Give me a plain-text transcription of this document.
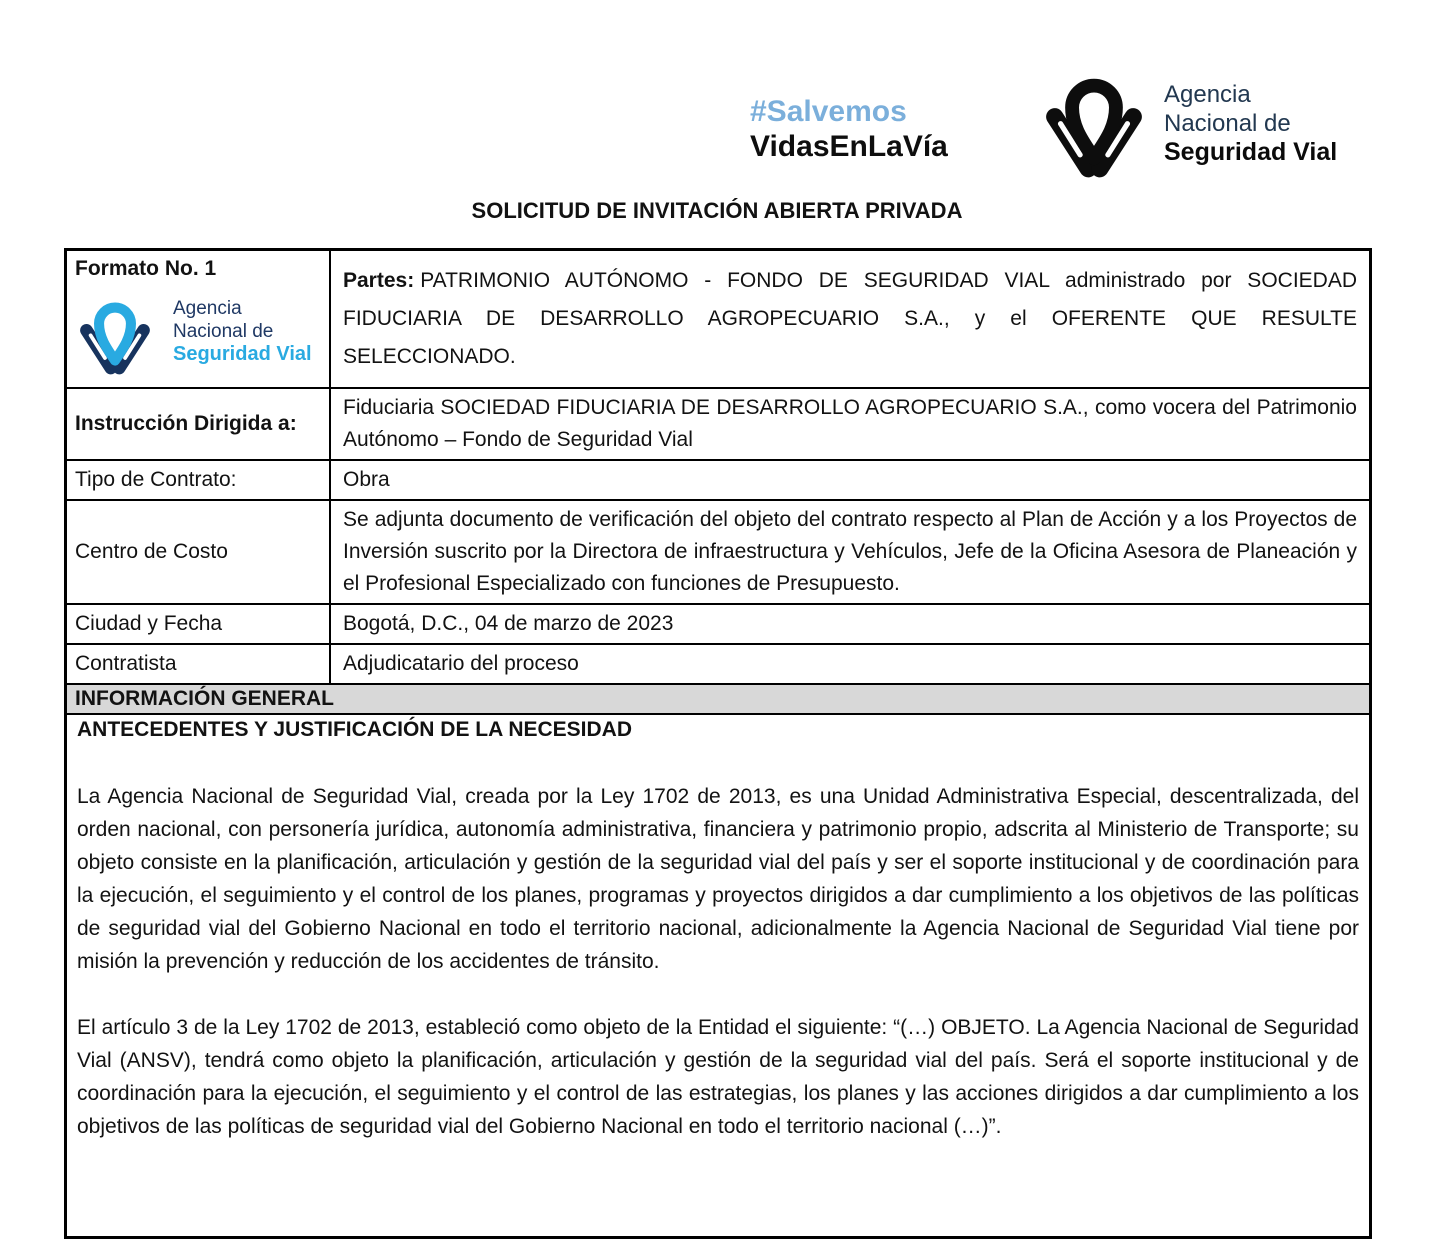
#Salvemos
VidasEnLaVía
Agencia
Nacional de
Seguridad Vial
SOLICITUD DE INVITACIÓN ABIERTA PRIVADA
Formato No. 1
Agencia
Nacional de
Seguridad Vial
Partes: PATRIMONIO AUTÓNOMO - FONDO DE SEGURIDAD VIAL administrado por SOCIEDAD FIDUCIARIA DE DESARROLLO AGROPECUARIO S.A., y el OFERENTE QUE RESULTE SELECCIONADO.
Instrucción Dirigida a:
Fiduciaria SOCIEDAD FIDUCIARIA DE DESARROLLO AGROPECUARIO S.A., como vocera del Patrimonio Autónomo – Fondo de Seguridad Vial
Tipo de Contrato:	Obra
Centro de Costo
Se adjunta documento de verificación del objeto del contrato respecto al Plan de Acción y a los Proyectos de Inversión suscrito por la Directora de infraestructura y Vehículos, Jefe de la Oficina Asesora de Planeación y el Profesional Especializado con funciones de Presupuesto.
Ciudad y Fecha	Bogotá, D.C., 04 de marzo de 2023
Contratista	Adjudicatario del proceso
INFORMACIÓN GENERAL
ANTECEDENTES Y JUSTIFICACIÓN DE LA NECESIDAD

La Agencia Nacional de Seguridad Vial, creada por la Ley 1702 de 2013, es una Unidad Administrativa Especial, descentralizada, del orden nacional, con personería jurídica, autonomía administrativa, financiera y patrimonio propio, adscrita al Ministerio de Transporte; su objeto consiste en la planificación, articulación y gestión de la seguridad vial del país y ser el soporte institucional y de coordinación para la ejecución, el seguimiento y el control de los planes, programas y proyectos dirigidos a dar cumplimiento a los objetivos de las políticas de seguridad vial del Gobierno Nacional en todo el territorio nacional, adicionalmente la Agencia Nacional de Seguridad Vial tiene por misión la prevención y reducción de los accidentes de tránsito.

El artículo 3 de la Ley 1702 de 2013, estableció como objeto de la Entidad el siguiente: “(…) OBJETO. La Agencia Nacional de Seguridad Vial (ANSV), tendrá como objeto la planificación, articulación y gestión de la seguridad vial del país. Será el soporte institucional y de coordinación para la ejecución, el seguimiento y el control de las estrategias, los planes y las acciones dirigidos a dar cumplimiento a los objetivos de las políticas de seguridad vial del Gobierno Nacional en todo el territorio nacional (…)”.
